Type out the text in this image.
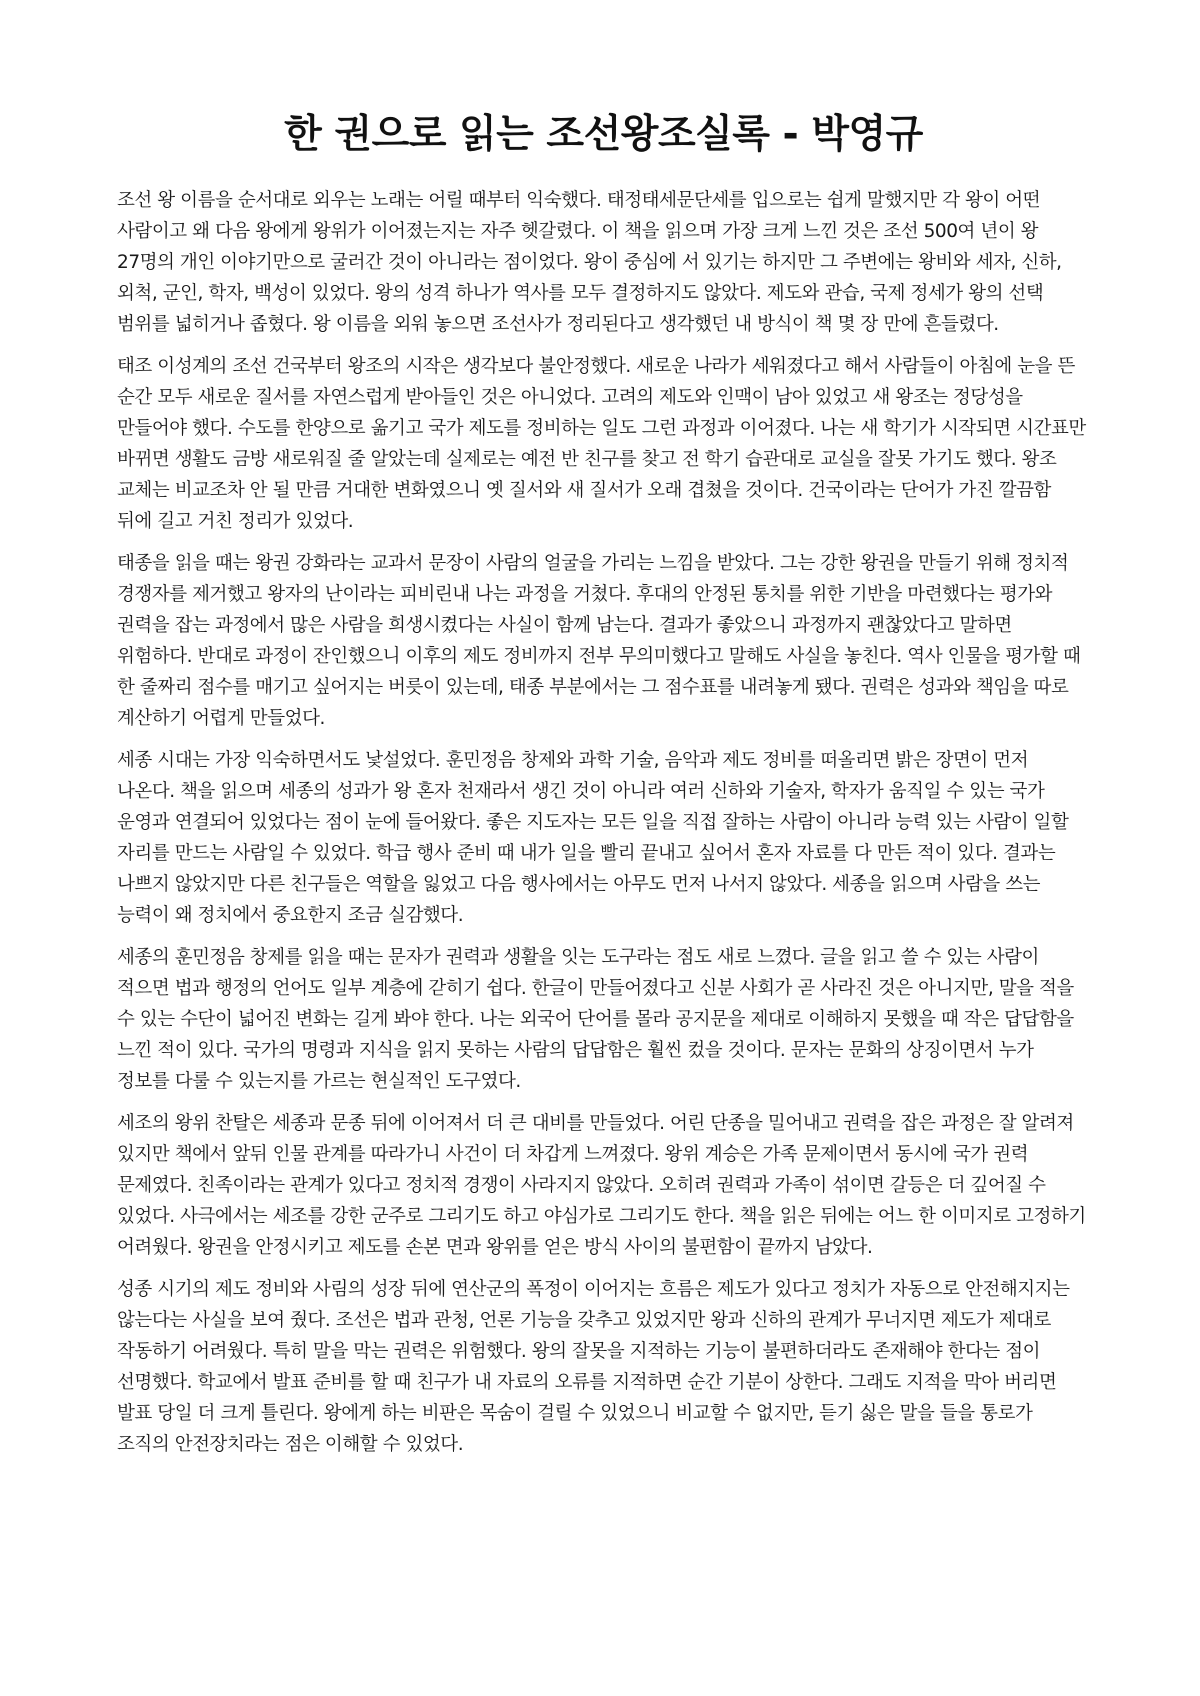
한 권으로 읽는 조선왕조실록 - 박영규

조선 왕 이름을 순서대로 외우는 노래는 어릴 때부터 익숙했다. 태정태세문단세를 입으로는 쉽게 말했지만 각 왕이 어떤 사람이고 왜 다음 왕에게 왕위가 이어졌는지는 자주 헷갈렸다. 이 책을 읽으며 가장 크게 느낀 것은 조선 500여 년이 왕 27명의 개인 이야기만으로 굴러간 것이 아니라는 점이었다. 왕이 중심에 서 있기는 하지만 그 주변에는 왕비와 세자, 신하, 외척, 군인, 학자, 백성이 있었다. 왕의 성격 하나가 역사를 모두 결정하지도 않았다. 제도와 관습, 국제 정세가 왕의 선택 범위를 넓히거나 좁혔다. 왕 이름을 외워 놓으면 조선사가 정리된다고 생각했던 내 방식이 책 몇 장 만에 흔들렸다.

태조 이성계의 조선 건국부터 왕조의 시작은 생각보다 불안정했다. 새로운 나라가 세워졌다고 해서 사람들이 아침에 눈을 뜬 순간 모두 새로운 질서를 자연스럽게 받아들인 것은 아니었다. 고려의 제도와 인맥이 남아 있었고 새 왕조는 정당성을 만들어야 했다. 수도를 한양으로 옮기고 국가 제도를 정비하는 일도 그런 과정과 이어졌다. 나는 새 학기가 시작되면 시간표만 바뀌면 생활도 금방 새로워질 줄 알았는데 실제로는 예전 반 친구를 찾고 전 학기 습관대로 교실을 잘못 가기도 했다. 왕조 교체는 비교조차 안 될 만큼 거대한 변화였으니 옛 질서와 새 질서가 오래 겹쳤을 것이다. 건국이라는 단어가 가진 깔끔함 뒤에 길고 거친 정리가 있었다.

태종을 읽을 때는 왕권 강화라는 교과서 문장이 사람의 얼굴을 가리는 느낌을 받았다. 그는 강한 왕권을 만들기 위해 정치적 경쟁자를 제거했고 왕자의 난이라는 피비린내 나는 과정을 거쳤다. 후대의 안정된 통치를 위한 기반을 마련했다는 평가와 권력을 잡는 과정에서 많은 사람을 희생시켰다는 사실이 함께 남는다. 결과가 좋았으니 과정까지 괜찮았다고 말하면 위험하다. 반대로 과정이 잔인했으니 이후의 제도 정비까지 전부 무의미했다고 말해도 사실을 놓친다. 역사 인물을 평가할 때 한 줄짜리 점수를 매기고 싶어지는 버릇이 있는데, 태종 부분에서는 그 점수표를 내려놓게 됐다. 권력은 성과와 책임을 따로 계산하기 어렵게 만들었다.

세종 시대는 가장 익숙하면서도 낯설었다. 훈민정음 창제와 과학 기술, 음악과 제도 정비를 떠올리면 밝은 장면이 먼저 나온다. 책을 읽으며 세종의 성과가 왕 혼자 천재라서 생긴 것이 아니라 여러 신하와 기술자, 학자가 움직일 수 있는 국가 운영과 연결되어 있었다는 점이 눈에 들어왔다. 좋은 지도자는 모든 일을 직접 잘하는 사람이 아니라 능력 있는 사람이 일할 자리를 만드는 사람일 수 있었다. 학급 행사 준비 때 내가 일을 빨리 끝내고 싶어서 혼자 자료를 다 만든 적이 있다. 결과는 나쁘지 않았지만 다른 친구들은 역할을 잃었고 다음 행사에서는 아무도 먼저 나서지 않았다. 세종을 읽으며 사람을 쓰는 능력이 왜 정치에서 중요한지 조금 실감했다.

세종의 훈민정음 창제를 읽을 때는 문자가 권력과 생활을 잇는 도구라는 점도 새로 느꼈다. 글을 읽고 쓸 수 있는 사람이 적으면 법과 행정의 언어도 일부 계층에 갇히기 쉽다. 한글이 만들어졌다고 신분 사회가 곧 사라진 것은 아니지만, 말을 적을 수 있는 수단이 넓어진 변화는 길게 봐야 한다. 나는 외국어 단어를 몰라 공지문을 제대로 이해하지 못했을 때 작은 답답함을 느낀 적이 있다. 국가의 명령과 지식을 읽지 못하는 사람의 답답함은 훨씬 컸을 것이다. 문자는 문화의 상징이면서 누가 정보를 다룰 수 있는지를 가르는 현실적인 도구였다.

세조의 왕위 찬탈은 세종과 문종 뒤에 이어져서 더 큰 대비를 만들었다. 어린 단종을 밀어내고 권력을 잡은 과정은 잘 알려져 있지만 책에서 앞뒤 인물 관계를 따라가니 사건이 더 차갑게 느껴졌다. 왕위 계승은 가족 문제이면서 동시에 국가 권력 문제였다. 친족이라는 관계가 있다고 정치적 경쟁이 사라지지 않았다. 오히려 권력과 가족이 섞이면 갈등은 더 깊어질 수 있었다. 사극에서는 세조를 강한 군주로 그리기도 하고 야심가로 그리기도 한다. 책을 읽은 뒤에는 어느 한 이미지로 고정하기 어려웠다. 왕권을 안정시키고 제도를 손본 면과 왕위를 얻은 방식 사이의 불편함이 끝까지 남았다.

성종 시기의 제도 정비와 사림의 성장 뒤에 연산군의 폭정이 이어지는 흐름은 제도가 있다고 정치가 자동으로 안전해지지는 않는다는 사실을 보여 줬다. 조선은 법과 관청, 언론 기능을 갖추고 있었지만 왕과 신하의 관계가 무너지면 제도가 제대로 작동하기 어려웠다. 특히 말을 막는 권력은 위험했다. 왕의 잘못을 지적하는 기능이 불편하더라도 존재해야 한다는 점이 선명했다. 학교에서 발표 준비를 할 때 친구가 내 자료의 오류를 지적하면 순간 기분이 상한다. 그래도 지적을 막아 버리면 발표 당일 더 크게 틀린다. 왕에게 하는 비판은 목숨이 걸릴 수 있었으니 비교할 수 없지만, 듣기 싫은 말을 들을 통로가 조직의 안전장치라는 점은 이해할 수 있었다.
